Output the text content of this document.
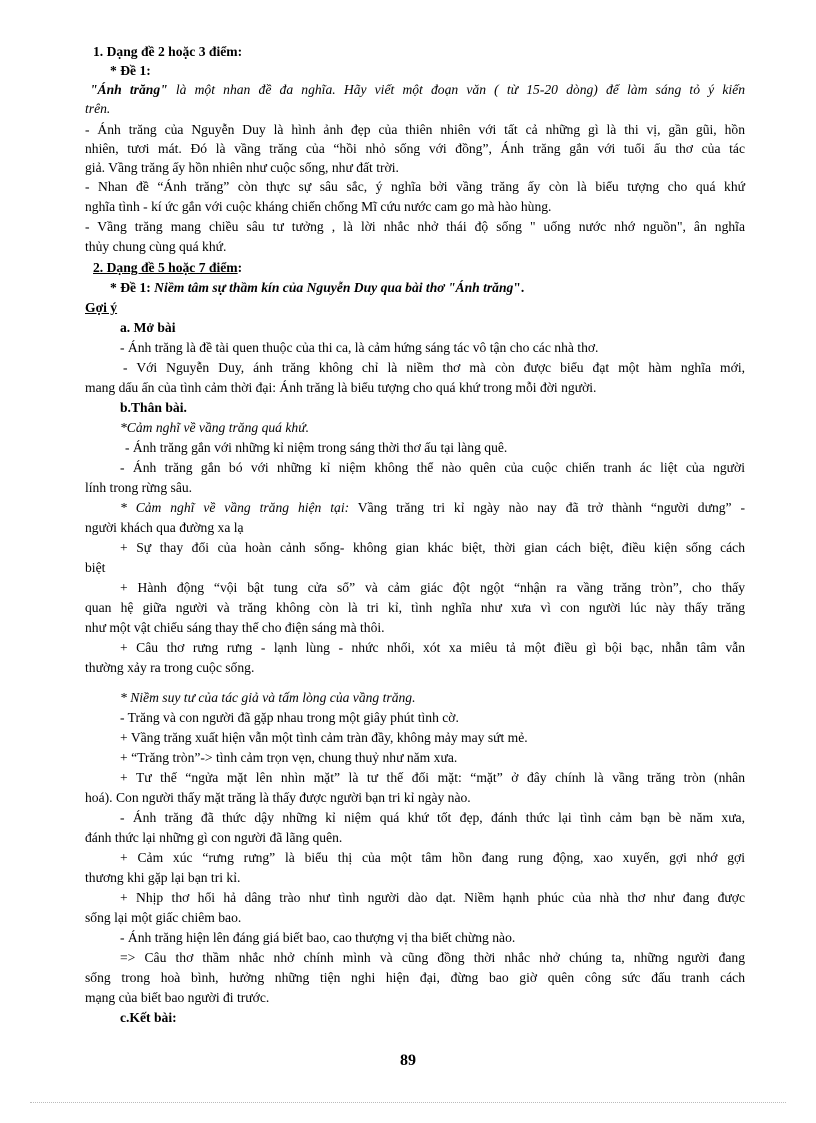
1. Dạng đề 2 hoặc 3 điểm:
* Đề 1:
"Ánh trăng" là một nhan đề đa nghĩa. Hãy viết một đoạn văn ( từ 15-20 dòng) để làm sáng tỏ ý kiến
trên.
- Ánh trăng của Nguyễn Duy là hình ảnh đẹp của thiên nhiên với tất cả những gì là thi vị, gần gũi, hồn
nhiên, tươi mát. Đó là vầng trăng của “hồi nhỏ sống với đồng”, Ánh trăng gắn với tuổi ấu thơ của tác
giả. Vầng trăng ấy hồn nhiên như cuộc sống, như đất trời.
- Nhan đề “Ánh trăng” còn thực sự sâu sắc, ý nghĩa bởi vầng trăng ấy còn là biểu tượng cho quá khứ
nghĩa tình - kí ức gắn với cuộc kháng chiến chống Mĩ cứu nước cam go mà hào hùng.
- Vầng trăng mang chiều sâu tư tưởng , là lời nhắc nhở thái độ sống " uống nước nhớ nguồn", ân nghĩa
thủy chung cùng quá khứ.
2. Dạng đề 5 hoặc 7 điểm:
* Đề 1: Niềm tâm sự thầm kín của Nguyễn Duy qua bài thơ "Ánh trăng".
Gợi ý
a. Mở bài
- Ánh trăng là đề tài quen thuộc của thi ca, là cảm hứng sáng tác vô tận cho các nhà thơ.
- Với Nguyễn Duy, ánh trăng không chỉ là niềm thơ mà còn được biểu đạt một hàm nghĩa mới,
mang dấu ấn của tình cảm thời đại: Ánh trăng là biểu tượng cho quá khứ trong mỗi đời người.
b.Thân bài.
*Cảm nghĩ về vầng trăng quá khứ.
- Ánh trăng gắn với những kỉ niệm trong sáng thời thơ ấu tại làng quê.
- Ánh trăng gắn bó với những kỉ niệm không thể nào quên của cuộc chiến tranh ác liệt của người
lính trong rừng sâu.
* Cảm nghĩ về vầng trăng hiện tại: Vầng trăng tri kỉ ngày nào nay đã trở thành “người dưng” -
người khách qua đường xa lạ
+ Sự thay đổi của hoàn cảnh sống- không gian khác biệt, thời gian cách biệt, điều kiện sống cách
biệt
+ Hành động “vội bật tung cửa sổ” và cảm giác đột ngột “nhận ra vầng trăng tròn”, cho thấy
quan hệ giữa người và trăng không còn là tri kỉ, tình nghĩa như xưa vì con người lúc này thấy trăng
như một vật chiếu sáng thay thế cho điện sáng mà thôi.
+ Câu thơ rưng rưng - lạnh lùng - nhức nhối, xót xa miêu tả một điều gì bội bạc, nhẫn tâm vẫn
thường xảy ra trong cuộc sống.
* Niềm suy tư của tác giả và tấm lòng của vầng trăng.
- Trăng và con người đã gặp nhau trong một giây phút tình cờ.
+ Vầng trăng xuất hiện vẫn một tình cảm tràn đầy, không mảy may sứt mẻ.
+ “Trăng tròn”-> tình cảm trọn vẹn, chung thuỷ như năm xưa.
+ Tư thế “ngửa mặt lên nhìn mặt” là tư thế đối mặt: “mặt” ở đây chính là vầng trăng tròn (nhân
hoá). Con người thấy mặt trăng là thấy được người bạn tri kỉ ngày nào.
- Ánh trăng đã thức dậy những kỉ niệm quá khứ tốt đẹp, đánh thức lại tình cảm bạn bè năm xưa,
đánh thức lại những gì con người đã lãng quên.
+ Cảm xúc “rưng rưng” là biểu thị của một tâm hồn đang rung động, xao xuyến, gợi nhớ gợi
thương khi gặp lại bạn tri kỉ.
+ Nhịp thơ hối hả dâng trào như tình người dào dạt. Niềm hạnh phúc của nhà thơ như đang được
sống lại một giấc chiêm bao.
- Ánh trăng hiện lên đáng giá biết bao, cao thượng vị tha biết chừng nào.
=> Câu thơ thầm nhắc nhở chính mình và cũng đồng thời nhắc nhở chúng ta, những người đang
sống trong hoà bình, hưởng những tiện nghi hiện đại, đừng bao giờ quên công sức đấu tranh cách
mạng của biết bao người đi trước.
c.Kết bài:
89
